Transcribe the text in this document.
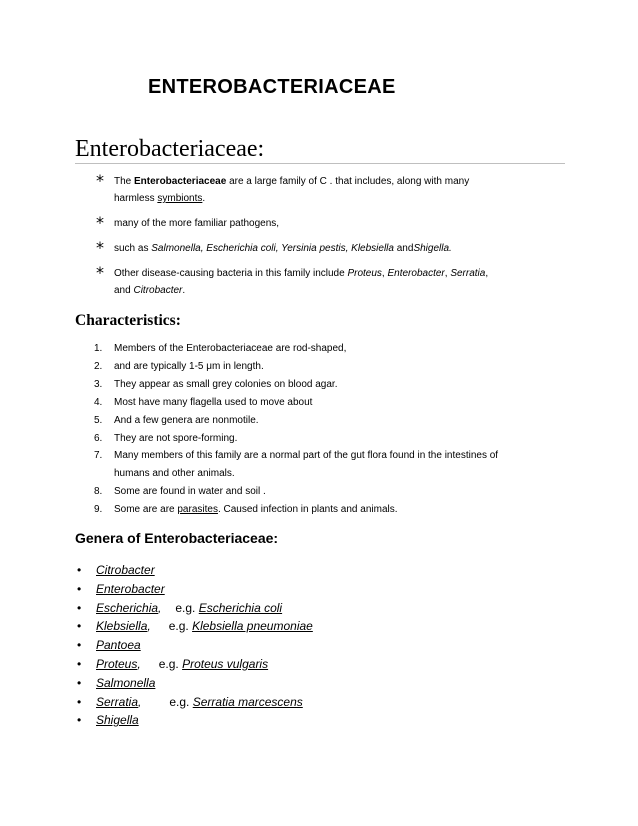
ENTEROBACTERIACEAE
Enterobacteriaceae:
* The Enterobacteriaceae are a large family of C . that includes, along with many
harmless symbionts.
* many of the more familiar pathogens,
* such as Salmonella, Escherichia coli, Yersinia pestis, Klebsiella andShigella.
* Other disease-causing bacteria in this family include Proteus, Enterobacter, Serratia,
and Citrobacter.
Characteristics:
1. Members of the Enterobacteriaceae are rod-shaped,
2. and are typically 1-5 μm in length.
3. They appear as small grey colonies on blood agar.
4. Most have many flagella used to move about
5. And a few genera are nonmotile.
6. They are not spore-forming.
7. Many members of this family are a normal part of the gut flora found in the intestines of
humans and other animals.
8. Some are found in water and soil .
9. Some are are parasites. Caused infection in plants and animals.
Genera of Enterobacteriaceae:
• Citrobacter
• Enterobacter
• Escherichia, e.g. Escherichia coli
• Klebsiella, e.g. Klebsiella pneumoniae
• Pantoea
• Proteus, e.g. Proteus vulgaris
• Salmonella
• Serratia, e.g. Serratia marcescens
• Shigella
